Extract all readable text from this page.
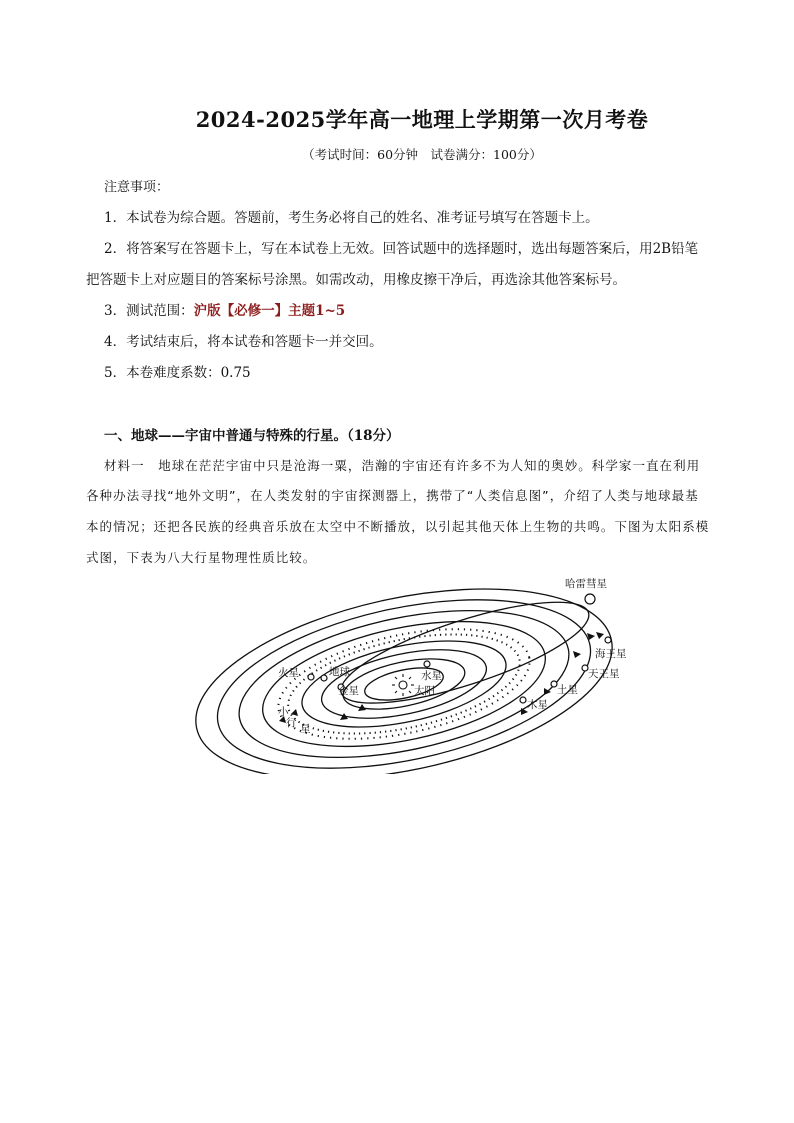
2024-2025学年高一地理上学期第一次月考卷
（考试时间：60分钟　试卷满分：100分）
注意事项：
1．本试卷为综合题。答题前，考生务必将自己的姓名、准考证号填写在答题卡上。
2．将答案写在答题卡上，写在本试卷上无效。回答试题中的选择题时，选出每题答案后，用2B铅笔
把答题卡上对应题目的答案标号涂黑。如需改动，用橡皮擦干净后，再选涂其他答案标号。
3．测试范围：沪版【必修一】主题1~5
4．考试结束后，将本试卷和答题卡一并交回。
5．本卷难度系数：0.75
一、地球——宇宙中普通与特殊的行星。（18分）
材料一　地球在茫茫宇宙中只是沧海一粟，浩瀚的宇宙还有许多不为人知的奥妙。科学家一直在利用
各种办法寻找“地外文明”，在人类发射的宇宙探测器上，携带了“人类信息图”，介绍了人类与地球最基
本的情况；还把各民族的经典音乐放在太空中不断播放，以引起其他天体上生物的共鸣。下图为太阳系模
式图，下表为八大行星物理性质比较。
哈雷彗星
海王星
天王星
土星
木星
火星	地球
金星
水星
太阳
小
行 星
